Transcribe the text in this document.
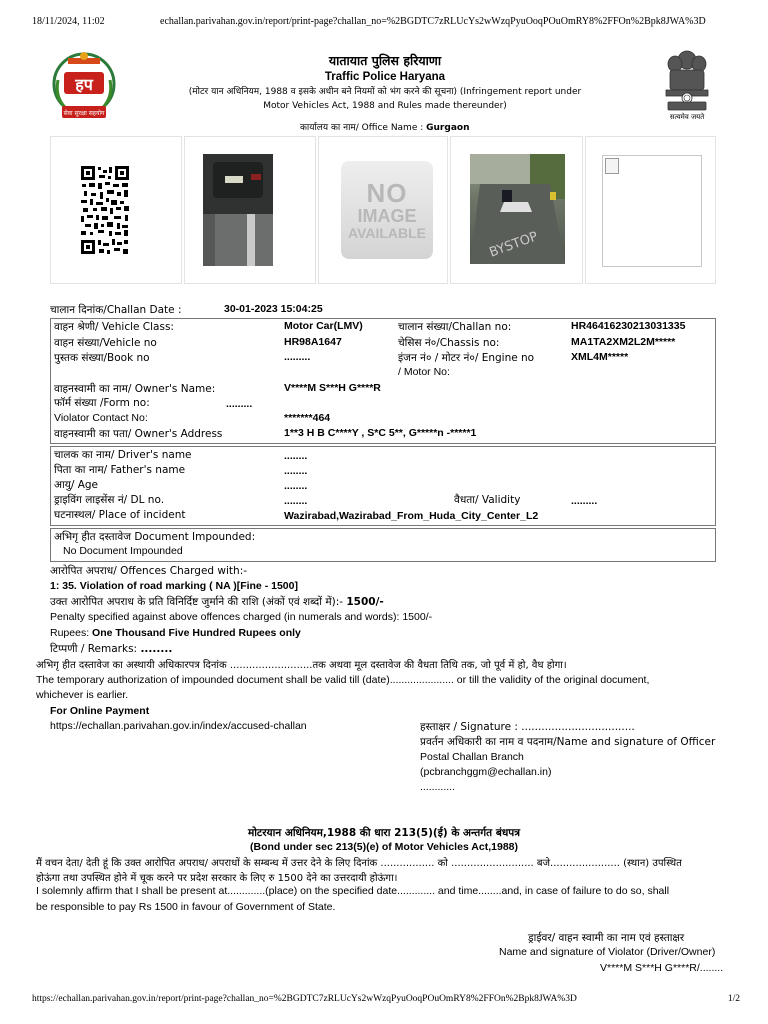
18/11/2024, 11:02	echallan.parivahan.gov.in/report/print-page?challan_no=%2BGDTC7zRLUcYs2wWzqPyuOoqPOuOmRY8%2FFOn%2Bpk8JWA%3D
हप
सेवा सुरक्षा सहयोग
यातायात पुलिस हरियाणा
Traffic Police Haryana
(मोटर यान अधिनियम, 1988 व इसके अधीन बने नियमों को भंग करने की सूचना) (Infringement report under
Motor Vehicles Act, 1988 and Rules made thereunder)
सत्यमेव जयते
कार्यालय का नाम/ Office Name : Gurgaon
NO
IMAGE
AVAILABLE	BYSTOP
चालान दिनांक/Challan Date :	30-01-2023 15:04:25
वाहन श्रेणी/ Vehicle Class:	Motor Car(LMV)	चालान संख्या/Challan no:	HR46416230213031335
वाहन संख्या/Vehicle no	HR98A1647	चेसिस नं०/Chassis no:	MA1TA2XM2L2M*****
पुस्तक संख्या/Book no	.........	इंजन नं० / मोटर नं०/ Engine no	XML4M*****
/ Motor No:
वाहनस्वामी का नाम/ Owner's Name:	V****M S***H G****R
फॉर्म संख्या /Form no:	.........
Violator Contact No:	*******464
वाहनस्वामी का पता/ Owner's Address	1**3 H B C****Y , S*C 5**, G*****n -*****1
चालक का नाम/ Driver's name	........
पिता का नाम/ Father's name	........
आयु/ Age	........
ड्राइविंग लाइसेंस नं/ DL no.	........	वैधता/ Validity	.........
घटनास्थल/ Place of incident	Wazirabad,Wazirabad_From_Huda_City_Center_L2
अभिगृ हीत दस्तावेज Document Impounded:
No Document Impounded
आरोपित अपराध/ Offences Charged with:-
1: 35. Violation of road marking ( NA )[Fine - 1500]
उक्त आरोपित अपराध के प्रति विनिर्दिष्ट जुर्माने की राशि (अंकों एवं शब्दों में):- 1500/-
Penalty specified against above offences charged (in numerals and words): 1500/-
Rupees: One Thousand Five Hundred Rupees only
टिप्पणी / Remarks: ........
अभिगृ हीत दस्तावेज का अस्थायी अधिकारपत्र दिनांक ..........................तक अथवा मूल दस्तावेज की वैधता तिथि तक, जो पूर्व में हो, वैध होगा।
The temporary authorization of impounded document shall be valid till (date)...................... or till the validity of the original document,
whichever is earlier.
For Online Payment
https://echallan.parivahan.gov.in/index/accused-challan	हस्ताक्षर / Signature : ..................................
प्रवर्तन अधिकारी का नाम व पदनाम/Name and signature of Officer
Postal Challan Branch
(pcbranchggm@echallan.in)
............
मोटरयान अधिनियम,1988 की धारा 213(5)(ई) के अन्तर्गत बंधपत्र
(Bond under sec 213(5)(e) of Motor Vehicles Act,1988)
मैं वचन देता/ देती हूं कि उक्त आरोपित अपराध/ अपराधों के सम्बन्ध में उत्तर देने के लिए दिनांक ................. को .......................... बजे...................... (स्थान) उपस्थित
होऊंगा तथा उपस्थित होने में चूक करने पर प्रदेश सरकार के लिए रु 1500 देने का उत्तरदायी होऊंगा।
I solemnly affirm that I shall be present at.............(place) on the specified date............. and time........and, in case of failure to do so, shall
be responsible to pay Rs 1500 in favour of Government of State.
ड्राईवर/ वाहन स्वामी का नाम एवं हस्ताक्षर
Name and signature of Violator (Driver/Owner)
V****M S***H G****R/........
https://echallan.parivahan.gov.in/report/print-page?challan_no=%2BGDTC7zRLUcYs2wWzqPyuOoqPOuOmRY8%2FFOn%2Bpk8JWA%3D	1/2
